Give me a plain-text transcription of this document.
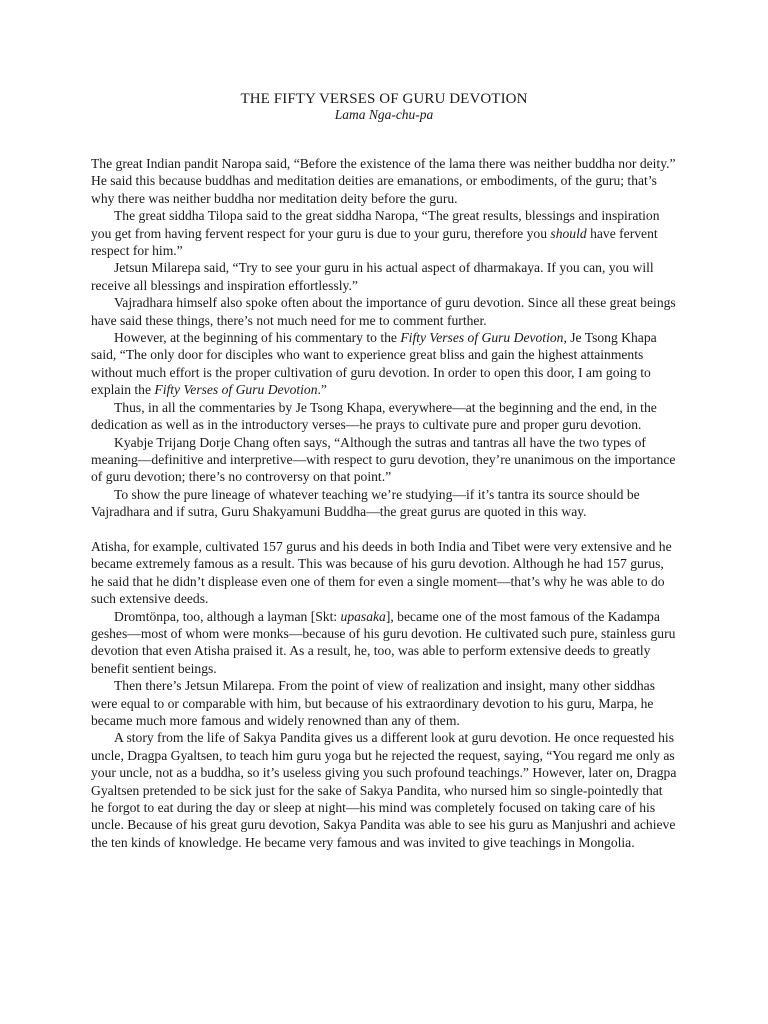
THE FIFTY VERSES OF GURU DEVOTION
Lama Nga-chu-pa

The great Indian pandit Naropa said, “Before the existence of the lama there was neither buddha nor deity.” He said this because buddhas and meditation deities are emanations, or embodiments, of the guru; that’s why there was neither buddha nor meditation deity before the guru.

The great siddha Tilopa said to the great siddha Naropa, “The great results, blessings and inspiration you get from having fervent respect for your guru is due to your guru, therefore you should have fervent respect for him.”

Jetsun Milarepa said, “Try to see your guru in his actual aspect of dharmakaya. If you can, you will receive all blessings and inspiration effortlessly.”

Vajradhara himself also spoke often about the importance of guru devotion. Since all these great beings have said these things, there’s not much need for me to comment further.

However, at the beginning of his commentary to the Fifty Verses of Guru Devotion, Je Tsong Khapa said, “The only door for disciples who want to experience great bliss and gain the highest attainments without much effort is the proper cultivation of guru devotion. In order to open this door, I am going to explain the Fifty Verses of Guru Devotion.”

Thus, in all the commentaries by Je Tsong Khapa, everywhere—at the beginning and the end, in the dedication as well as in the introductory verses—he prays to cultivate pure and proper guru devotion.

Kyabje Trijang Dorje Chang often says, “Although the sutras and tantras all have the two types of meaning—definitive and interpretive—with respect to guru devotion, they’re unanimous on the importance of guru devotion; there’s no controversy on that point.”

To show the pure lineage of whatever teaching we’re studying—if it’s tantra its source should be Vajradhara and if sutra, Guru Shakyamuni Buddha—the great gurus are quoted in this way.

Atisha, for example, cultivated 157 gurus and his deeds in both India and Tibet were very extensive and he became extremely famous as a result. This was because of his guru devotion. Although he had 157 gurus, he said that he didn’t displease even one of them for even a single moment—that’s why he was able to do such extensive deeds.

Dromtönpa, too, although a layman [Skt: upasaka], became one of the most famous of the Kadampa geshes—most of whom were monks—because of his guru devotion. He cultivated such pure, stainless guru devotion that even Atisha praised it. As a result, he, too, was able to perform extensive deeds to greatly benefit sentient beings.

Then there’s Jetsun Milarepa. From the point of view of realization and insight, many other siddhas were equal to or comparable with him, but because of his extraordinary devotion to his guru, Marpa, he became much more famous and widely renowned than any of them.

A story from the life of Sakya Pandita gives us a different look at guru devotion. He once requested his uncle, Dragpa Gyaltsen, to teach him guru yoga but he rejected the request, saying, “You regard me only as your uncle, not as a buddha, so it’s useless giving you such profound teachings.” However, later on, Dragpa Gyaltsen pretended to be sick just for the sake of Sakya Pandita, who nursed him so single-pointedly that he forgot to eat during the day or sleep at night—his mind was completely focused on taking care of his uncle. Because of his great guru devotion, Sakya Pandita was able to see his guru as Manjushri and achieve the ten kinds of knowledge. He became very famous and was invited to give teachings in Mongolia.
